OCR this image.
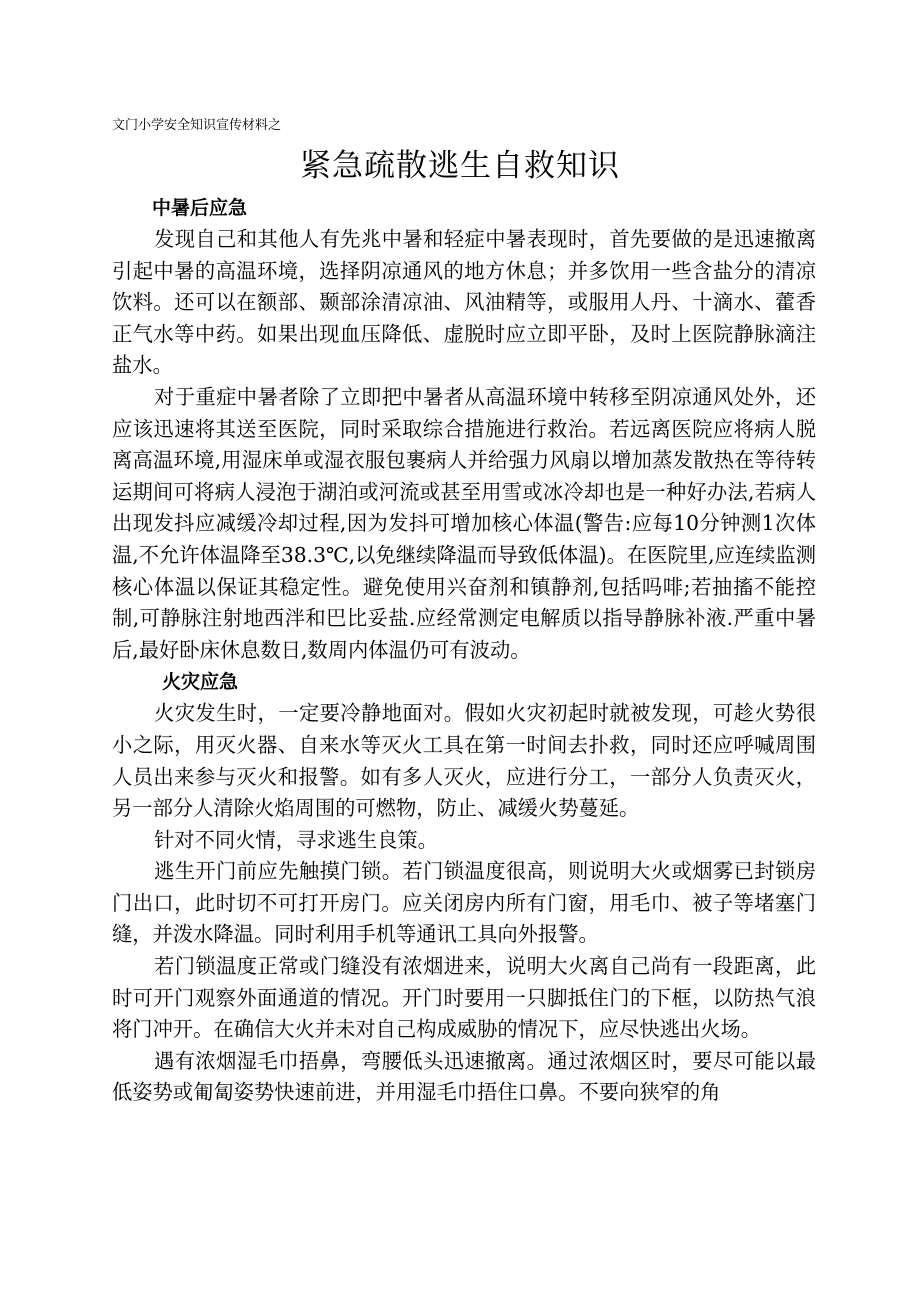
文门小学安全知识宣传材料之
紧急疏散逃生自救知识
中暑后应急

发现自己和其他人有先兆中暑和轻症中暑表现时，首先要做的是迅速撤离引起中暑的高温环境，选择阴凉通风的地方休息；并多饮用一些含盐分的清凉饮料。还可以在额部、颞部涂清凉油、风油精等，或服用人丹、十滴水、藿香正气水等中药。如果出现血压降低、虚脱时应立即平卧，及时上医院静脉滴注盐水。

对于重症中暑者除了立即把中暑者从高温环境中转移至阴凉通风处外，还应该迅速将其送至医院，同时采取综合措施进行救治。若远离医院应将病人脱离高温环境,用湿床单或湿衣服包裹病人并给强力风扇以增加蒸发散热在等待转运期间可将病人浸泡于湖泊或河流或甚至用雪或冰冷却也是一种好办法,若病人出现发抖应减缓冷却过程,因为发抖可增加核心体温(警告:应每10分钟测1次体温,不允许体温降至38.3℃,以免继续降温而导致低体温)。在医院里,应连续监测核心体温以保证其稳定性。避免使用兴奋剂和镇静剂,包括吗啡;若抽搐不能控制,可静脉注射地西泮和巴比妥盐.应经常测定电解质以指导静脉补液.严重中暑后,最好卧床休息数日,数周内体温仍可有波动。

火灾应急

火灾发生时，一定要冷静地面对。假如火灾初起时就被发现，可趁火势很小之际，用灭火器、自来水等灭火工具在第一时间去扑救，同时还应呼喊周围人员出来参与灭火和报警。如有多人灭火，应进行分工，一部分人负责灭火，另一部分人清除火焰周围的可燃物，防止、减缓火势蔓延。

针对不同火情，寻求逃生良策。

逃生开门前应先触摸门锁。若门锁温度很高，则说明大火或烟雾已封锁房门出口，此时切不可打开房门。应关闭房内所有门窗，用毛巾、被子等堵塞门缝，并泼水降温。同时利用手机等通讯工具向外报警。

若门锁温度正常或门缝没有浓烟进来，说明大火离自己尚有一段距离，此时可开门观察外面通道的情况。开门时要用一只脚抵住门的下框，以防热气浪将门冲开。在确信大火并未对自己构成威胁的情况下，应尽快逃出火场。

遇有浓烟湿毛巾捂鼻，弯腰低头迅速撤离。通过浓烟区时，要尽可能以最低姿势或匍匐姿势快速前进，并用湿毛巾捂住口鼻。不要向狭窄的角
